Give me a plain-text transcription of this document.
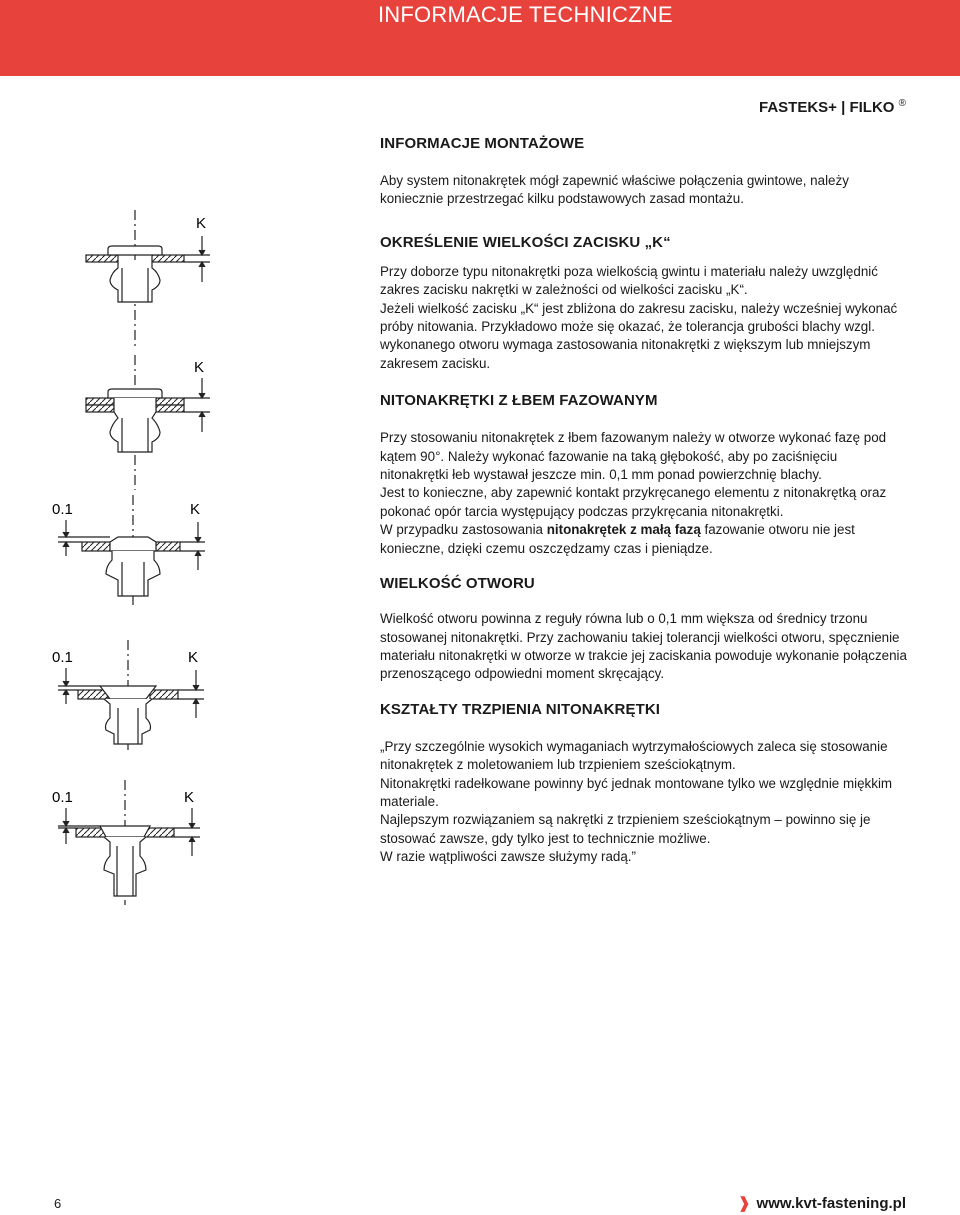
INFORMACJE TECHNICZNE
FASTEKS+ | FILKO ®
K
K
0.1	K
0.1	K
0.1	K
INFORMACJE MONTAŻOWE

Aby system nitonakrętek mógł zapewnić właściwe połączenia gwintowe, należy koniecznie przestrzegać kilku podstawowych zasad montażu.

OKREŚLENIE WIELKOŚCI ZACISKU „K“

Przy doborze typu nitonakrętki poza wielkością gwintu i materiału należy uwzględnić zakres zacisku nakrętki w zależności od wielkości zacisku „K“.

Jeżeli wielkość zacisku „K“ jest zbliżona do zakresu zacisku, należy wcześniej wykonać próby nitowania. Przykładowo może się okazać, że tolerancja grubości blachy wzgl. wykonanego otworu wymaga zastosowania nitonakrętki z większym lub mniejszym zakresem zacisku.

NITONAKRĘTKI Z ŁBEM FAZOWANYM

Przy stosowaniu nitonakrętek z łbem fazowanym należy w otworze wykonać fazę pod kątem 90°. Należy wykonać fazowanie na taką głębokość, aby po zaciśnięciu nitonakrętki łeb wystawał jeszcze min. 0,1 mm ponad powierzchnię blachy.

Jest to konieczne, aby zapewnić kontakt przykręcanego elementu z nitonakrętką oraz pokonać opór tarcia występujący podczas przykręcania nitonakrętki.

W przypadku zastosowania nitonakrętek z małą fazą fazowanie otworu nie jest konieczne, dzięki czemu oszczędzamy czas i pieniądze.

WIELKOŚĆ OTWORU

Wielkość otworu powinna z reguły równa lub o 0,1 mm większa od średnicy trzonu stosowanej nitonakrętki. Przy zachowaniu takiej tolerancji wielkości otworu, spęcznienie materiału nitonakrętki w otworze w trakcie jej zaciskania powoduje wykonanie połączenia przenoszącego odpowiedni moment skręcający.

KSZTAŁTY TRZPIENIA NITONAKRĘTKI

„Przy szczególnie wysokich wymaganiach wytrzymałościowych zaleca się stosowanie nitonakrętek z moletowaniem lub trzpieniem sześciokątnym.

Nitonakrętki radełkowane powinny być jednak montowane tylko we względnie miękkim materiale.

Najlepszym rozwiązaniem są nakrętki z trzpieniem sześciokątnym – powinno się je stosować zawsze, gdy tylko jest to technicznie możliwe.

W razie wątpliwości zawsze służymy radą.”

6	❱ www.kvt-fastening.pl
